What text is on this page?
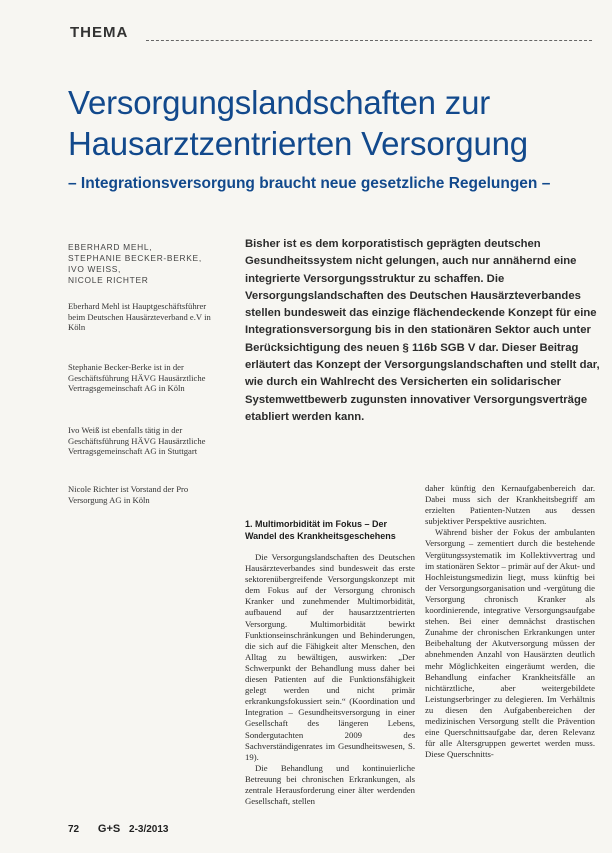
THEMA
Versorgungslandschaften zur Hausarztzentrierten Versorgung
– Integrationsversorgung braucht neue gesetzliche Regelungen –
EBERHARD MEHL,
STEPHANIE BECKER-BERKE,
IVO WEISS,
NICOLE RICHTER
Eberhard Mehl ist Hauptgeschäftsführer beim Deutschen Hausärzteverband e.V in Köln
Stephanie Becker-Berke ist in der Geschäftsführung HÄVG Hausärztliche Vertragsgemeinschaft AG in Köln
Ivo Weiß ist ebenfalls tätig in der Geschäftsführung HÄVG Hausärztliche Vertragsgemeinschaft AG in Stuttgart
Nicole Richter ist Vorstand der Pro Versorgung AG in Köln
Bisher ist es dem korporatistisch geprägten deutschen Gesundheitssystem nicht gelungen, auch nur annähernd eine integrierte Versorgungsstruktur zu schaffen. Die Versorgungslandschaften des Deutschen Hausärzteverbandes stellen bundesweit das einzige flächendeckende Konzept für eine Integrationsversorgung bis in den stationären Sektor auch unter Berücksichtigung des neuen § 116b SGB V dar. Dieser Beitrag erläutert das Konzept der Versorgungslandschaften und stellt dar, wie durch ein Wahlrecht des Versicherten ein solidarischer Systemwettbewerb zugunsten innovativer Versorgungsverträge etabliert werden kann.

1. Multimorbidität im Fokus – Der Wandel des Krankheitsgeschehens

Die Versorgungslandschaften des Deutschen Hausärzteverbandes sind bundesweit das erste sektorenübergreifende Versorgungskonzept mit dem Fokus auf der Versorgung chronisch Kranker und zunehmender Multimorbidität, aufbauend auf der hausarztzentrierten Versorgung. Multimorbidität bewirkt Funktionseinschränkungen und Behinderungen, die sich auf die Fähigkeit alter Menschen, den Alltag zu bewältigen, auswirken: „Der Schwerpunkt der Behandlung muss daher bei diesen Patienten auf die Funktionsfähigkeit gelegt werden und nicht primär erkrankungsfokussiert sein.“ (Koordination und Integration – Gesundheitsversorgung in einer Gesellschaft des längeren Lebens, Sondergutachten 2009 des Sachverständigenrates im Gesundheitswesen, S. 19).

Die Behandlung und kontinuierliche Betreuung bei chronischen Erkrankungen, als zentrale Herausforderung einer älter werdenden Gesellschaft, stellen

daher künftig den Kernaufgabenbereich dar. Dabei muss sich der Krankheitsbegriff am erzielten Patienten-Nutzen aus dessen subjektiver Perspektive ausrichten.

Während bisher der Fokus der ambulanten Versorgung – zementiert durch die bestehende Vergütungssystematik im Kollektivvertrag und im stationären Sektor – primär auf der Akut- und Hochleistungsmedizin liegt, muss künftig bei der Versorgungsorganisation und -vergütung die Versorgung chronisch Kranker als koordinierende, integrative Versorgungsaufgabe stehen. Bei einer demnächst drastischen Zunahme der chronischen Erkrankungen unter Beibehaltung der Akutversorgung müssen der abnehmenden Anzahl von Hausärzten deutlich mehr Möglichkeiten eingeräumt werden, die Behandlung einfacher Krankheitsfälle an nichtärztliche, aber weitergebildete Leistungserbringer zu delegieren. Im Verhältnis zu diesen den Aufgabenbereichen der medizinischen Versorgung stellt die Prävention eine Querschnittsaufgabe dar, deren Relevanz für alle Altersgruppen gewertet werden muss. Diese Querschnitts-

72 G+S 2-3/2013
